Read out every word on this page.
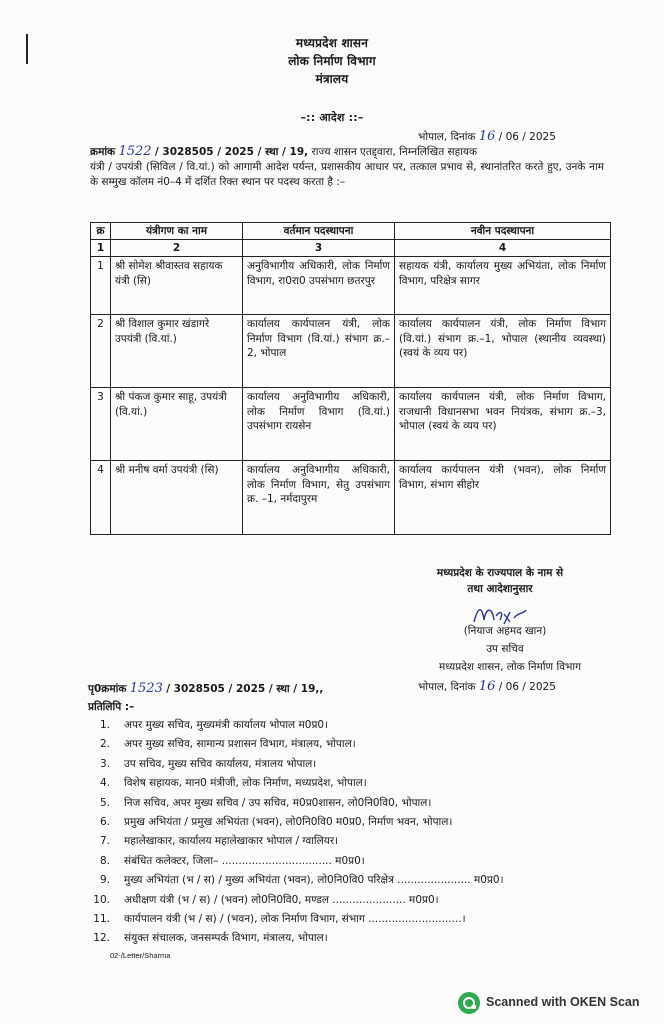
मध्यप्रदेश शासन
लोक निर्माण विभाग
मंत्रालय
–:: आदेश ::–
भोपाल, दिनांक 16 / 06 / 2025
क्रमांक 1522 / 3028505 / 2025 / स्था / 19, राज्य शासन एतद्द्वारा, निम्नलिखित सहायक
यंत्री / उपयंत्री (सिविल / वि.यां.) को आगामी आदेश पर्यन्त, प्रशासकीय आधार पर, तत्काल प्रभाव से, स्थानांतरित करते हुए, उनके नाम के सम्मुख कॉलम नं0–4 में दर्शित रिक्त स्थान पर पदस्थ करता है :–
क्र	यंत्रीगण का नाम	वर्तमान पदस्थापना	नवीन पदस्थापना
1	2	3	4
1	श्री सोमेश श्रीवास्तव सहायक यंत्री (सि)	अनुविभागीय अधिकारी, लोक निर्माण विभाग, रा0रा0 उपसंभाग छतरपुर	सहायक यंत्री, कार्यालय मुख्य अभियंता, लोक निर्माण विभाग, परिक्षेत्र सागर
2	श्री विशाल कुमार खंडागरे उपयंत्री (वि.यां.)	कार्यालय कार्यपालन यंत्री, लोक निर्माण विभाग (वि.यां.) संभाग क्र.–2, भोपाल	कार्यालय कार्यपालन यंत्री, लोक निर्माण विभाग (वि.यां.) संभाग क्र.–1, भोपाल (स्थानीय व्यवस्था) (स्वयं के व्यय पर)
3	श्री पंकज कुमार साहू, उपयंत्री (वि.यां.)	कार्यालय अनुविभागीय अधिकारी, लोक निर्माण विभाग (वि.यां.) उपसंभाग रायसेन	कार्यालय कार्यपालन यंत्री, लोक निर्माण विभाग, राजधानी विधानसभा भवन नियंत्रक, संभाग क्र.–3, भोपाल (स्वयं के व्यय पर)
4	श्री मनीष वर्मा उपयंत्री (सि)	कार्यालय अनुविभागीय अधिकारी, लोक निर्माण विभाग, सेतु उपसंभाग क्र. –1, नर्मदापुरम	कार्यालय कार्यपालन यंत्री (भवन), लोक निर्माण विभाग, संभाग सीहोर
मध्यप्रदेश के राज्यपाल के नाम से
तथा आदेशानुसार
(नियाज अहमद खान)
उप सचिव
मध्यप्रदेश शासन, लोक निर्माण विभाग
पृ0क्रमांक 1523 / 3028505 / 2025 / स्था / 19,,	भोपाल, दिनांक 16 / 06 / 2025
प्रतिलिपि :–
1. अपर मुख्य सचिव, मुख्यमंत्री कार्यालय भोपाल म0प्र0।
2. अपर मुख्य सचिव, सामान्य प्रशासन विभाग, मंत्रालय, भोपाल।
3. उप सचिव, मुख्य सचिव कार्यालय, मंत्रालय भोपाल।
4. विशेष सहायक, मान0 मंत्रीजी, लोक निर्माण, मध्यप्रदेश, भोपाल।
5. निज सचिव, अपर मुख्य सचिव / उप सचिव, म0प्र0शासन, लो0नि0वि0, भोपाल।
6. प्रमुख अभियंता / प्रमुख अभियंता (भवन), लो0नि0वि0 म0प्र0, निर्माण भवन, भोपाल।
7. महालेखाकार, कार्यालय महालेखाकार भोपाल / ग्वालियर।
8. संबंधित कलेक्टर, जिला– ................................. म0प्र0।
9. मुख्य अभियंता (भ / स) / मुख्य अभियंता (भवन), लो0नि0वि0 परिक्षेत्र ...................... म0प्र0।
10. अधीक्षण यंत्री (भ / स) / (भवन) लो0नि0वि0, मण्डल ...................... म0प्र0।
11. कार्यपालन यंत्री (भ / स) / (भवन), लोक निर्माण विभाग, संभाग ............................।
12. संयुक्त संचालक, जनसम्पर्क विभाग, मंत्रालय, भोपाल।
02-/Letter/Sharma
Scanned with OKEN Scan
